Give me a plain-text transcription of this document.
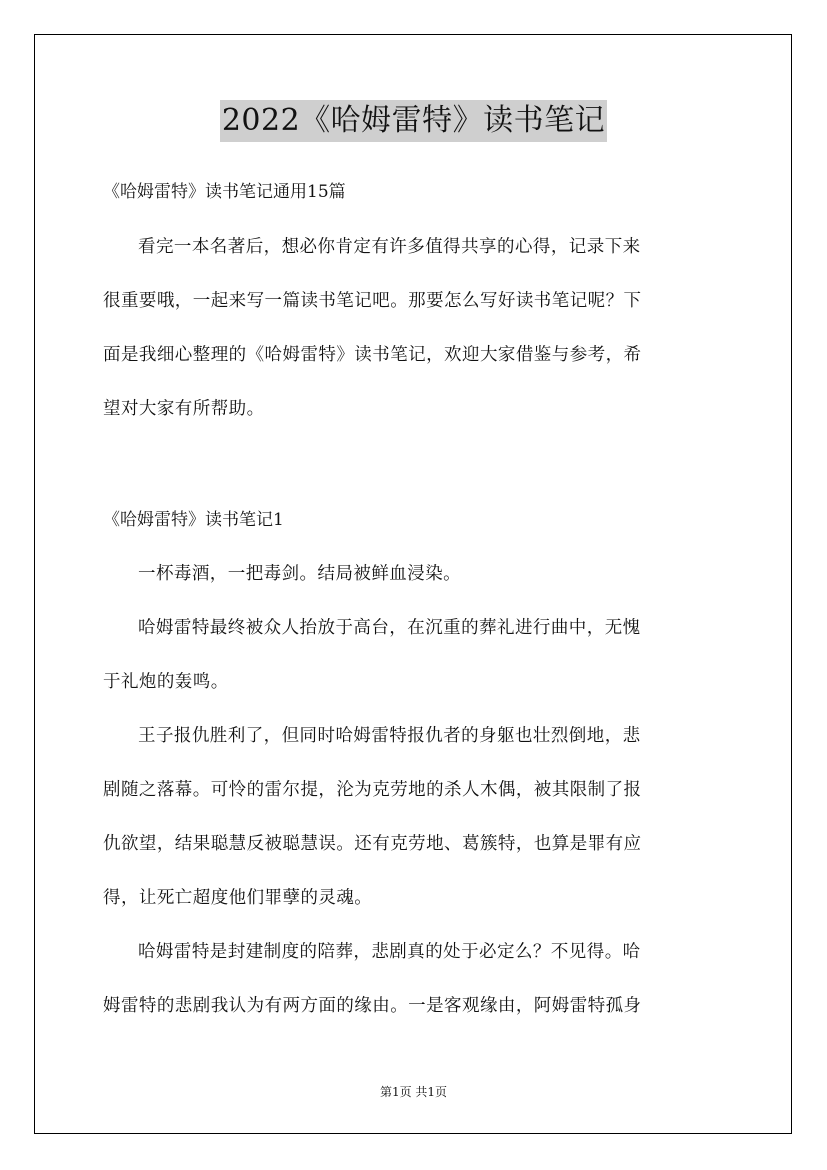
2022《哈姆雷特》读书笔记
《哈姆雷特》读书笔记通用15篇

看完一本名著后，想必你肯定有许多值得共享的心得，记录下来

很重要哦，一起来写一篇读书笔记吧。那要怎么写好读书笔记呢？下

面是我细心整理的《哈姆雷特》读书笔记，欢迎大家借鉴与参考，希

望对大家有所帮助。

《哈姆雷特》读书笔记1

一杯毒酒，一把毒剑。结局被鲜血浸染。

哈姆雷特最终被众人抬放于高台，在沉重的葬礼进行曲中，无愧

于礼炮的轰鸣。

王子报仇胜利了，但同时哈姆雷特报仇者的身躯也壮烈倒地，悲

剧随之落幕。可怜的雷尔提，沦为克劳地的杀人木偶，被其限制了报

仇欲望，结果聪慧反被聪慧误。还有克劳地、葛簇特，也算是罪有应

得，让死亡超度他们罪孽的灵魂。

哈姆雷特是封建制度的陪葬，悲剧真的处于必定么？不见得。哈

姆雷特的悲剧我认为有两方面的缘由。一是客观缘由，阿姆雷特孤身

第1页 共1页
